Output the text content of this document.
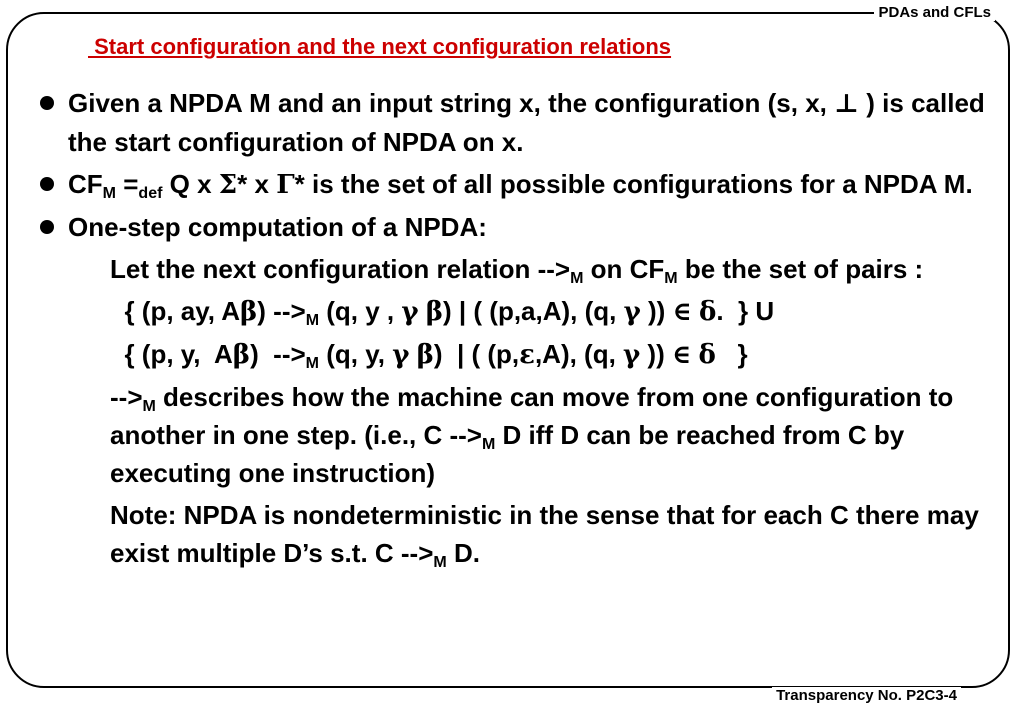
PDAs and CFLs
Start configuration and the next configuration relations
Given a NPDA M and an input string x, the configuration (s, x, ⊥ ) is called the start configuration of NPDA on x.
$CF_M =_{def}$ Q x Σ* x Γ* is the set of all possible configurations for a NPDA M.
One-step computation of a NPDA:
Let the next configuration relation $-->_M$ on $CF_M$ be the set of pairs :
{ (p, ay, Aβ) $-->_M$ (q, y , γ β) | ( (p,a,A), (q, γ )) ∈ δ.  } U
{ (p, y,  Aβ)  $-->_M$ (q, y, γ β)  | ( (p,ε,A), (q, γ )) ∈ δ   }
$-->_M$ describes how the machine can move from one configuration to another in one step. (i.e., C $-->_M$ D iff D can be reached from C by executing one instruction)
Note: NPDA is nondeterministic in the sense that for each C there may exist multiple D’s s.t. C $-->_M$ D.
Transparency No. P2C3-4
